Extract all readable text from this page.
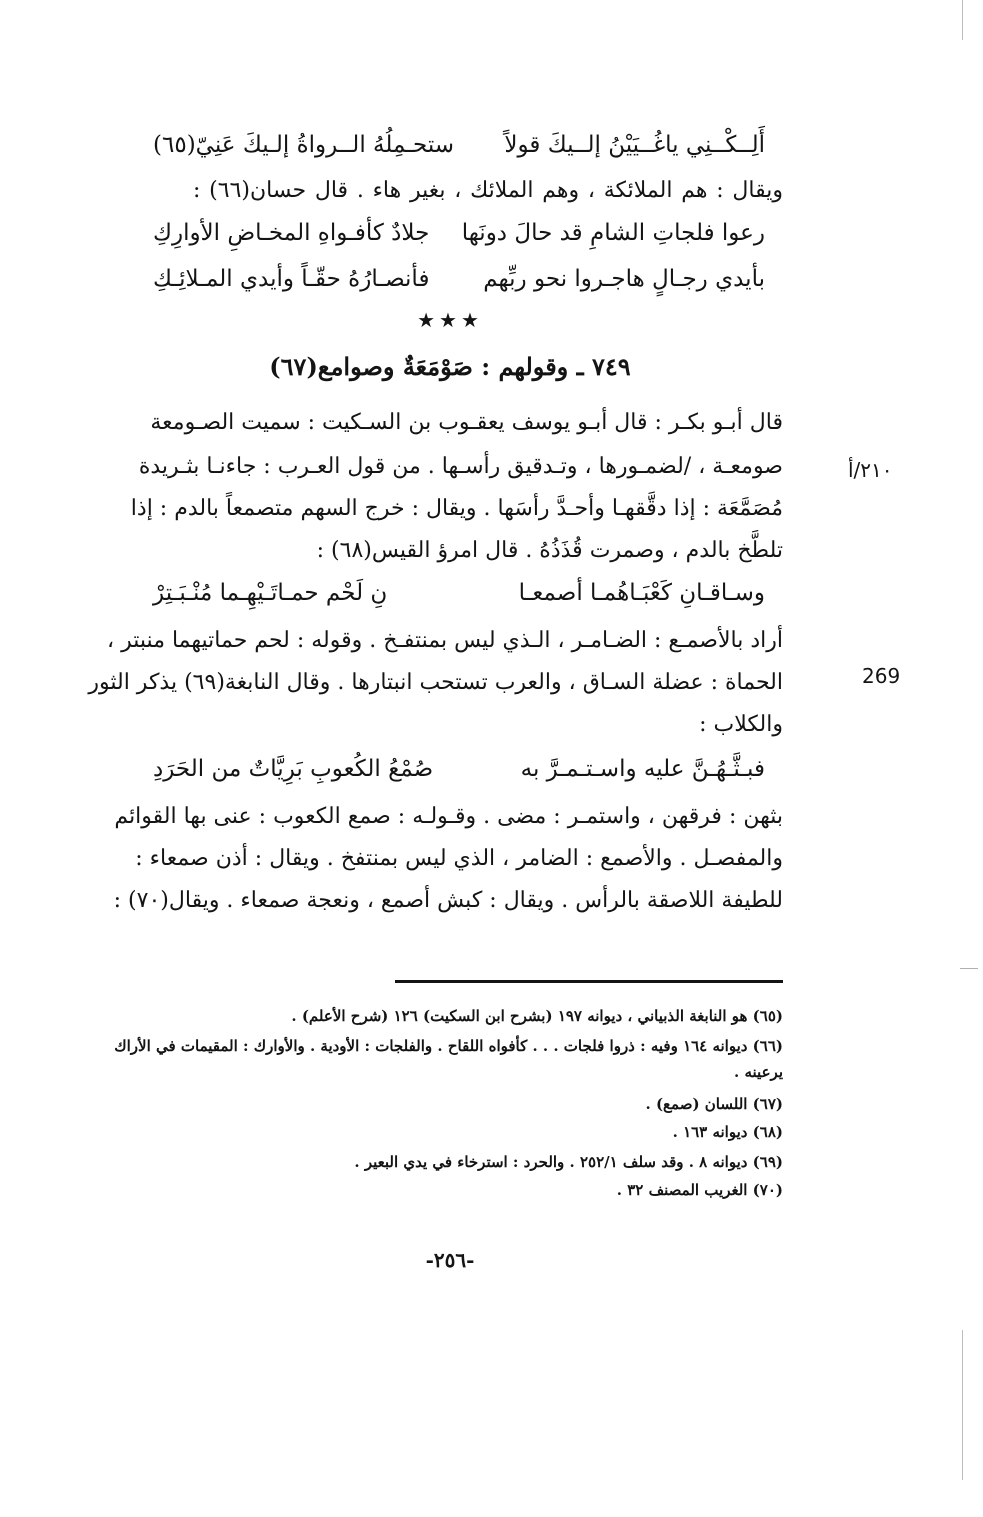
أَلِــكْــنِي ياغُــيَيْنُ إلــيكَ قولاً
ستحـمِلُهُ الــرواةُ إلـيكَ عَنِيّ(٦٥)
ويقال : هم الملائكة ، وهم الملائك ، بغير هاء . قال حسان(٦٦) :
رعوا فلجاتِ الشامِ قد حالَ دونَها
جلادٌ كأفـواهِ المخـاضِ الأوارِكِ
بأيدي رجـالٍ هاجـروا نحو ربِّهم
فأنصـارُهُ حقّـاً وأيدي المـلائِـكِ
★★★
٧٤٩ ـ وقولهم : صَوْمَعَةٌ وصوامع(٦٧)
قال أبـو بكـر : قال أبـو يوسف يعقـوب بن السـكيت : سميت الصـومعة
صومعـة ، /لضمـورها ، وتـدقيق رأسـها . من قول العـرب : جاءنـا بثـريدة
مُصَمَّعَة : إذا دقَّقهـا وأحـدَّ رأسَها . ويقال : خرج السهم متصمعاً بالدم : إذا
تلطَّخ بالدم ، وصمرت قُذَذُهُ . قال امرؤ القيس(٦٨) :
٢١٠/أ
وسـاقـانِ كَعْبَـاهُمـا أصمعـا
نِ لَحْم حمـاتَـيْهِـما مُنْـبَـتِرْ
أراد بالأصمـع : الضـامـر ، الـذي ليس بمنتفـخ . وقوله : لحم حماتيهما منبتر ،
الحماة : عضلة السـاق ، والعرب تستحب انبتارها . وقال النابغة(٦٩) يذكر الثور
والكلاب :
269
فبـثَّـهُـنَّ عليه واسـتـمـرَّ به
صُمْعُ الكُعوبِ بَرِيَّاتٌ من الحَرَدِ
بثهن : فرقهن ، واستمـر : مضى . وقـولـه : صمع الكعوب : عنى بها القوائم
والمفصـل . والأصمع : الضامر ، الذي ليس بمنتفخ . ويقال : أذن صمعاء :
للطيفة اللاصقة بالرأس . ويقال : كبش أصمع ، ونعجة صمعاء . ويقال(٧٠) :
(٦٥) هو النابغة الذبياني ، ديوانه ١٩٧ (بشرح ابن السكيت) ١٢٦ (شرح الأعلم) .
(٦٦) ديوانه ١٦٤ وفيه : ذروا فلجات . . . كأفواه اللقاح . والفلجات : الأودية . والأوارك : المقيمات في الأراك
يرعينه .
(٦٧) اللسان (صمع) .
(٦٨) ديوانه ١٦٣ .
(٦٩) ديوانه ٨ . وقد سلف ٢٥٢/١ . والحرد : استرخاء في يدي البعير .
(٧٠) الغريب المصنف ٣٢ .
-٢٥٦-
